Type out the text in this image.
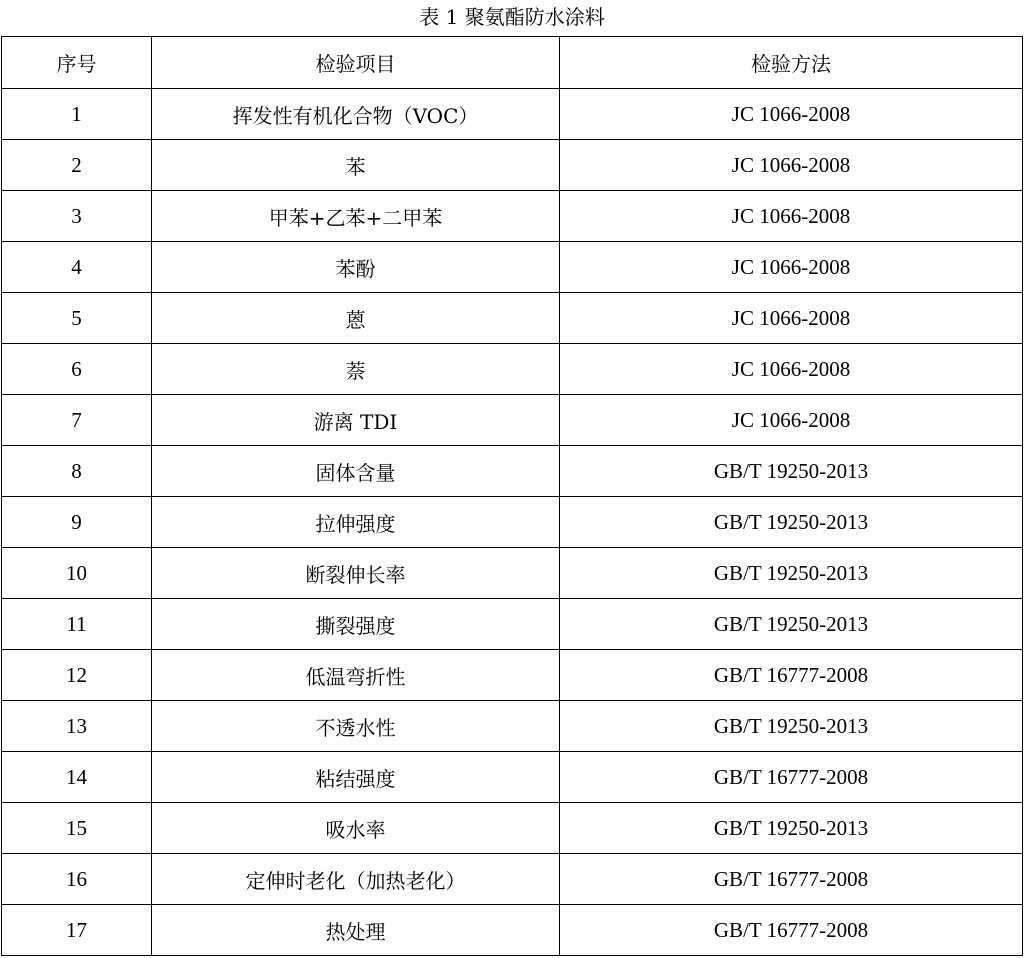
表 1 聚氨酯防水涂料
序号	检验项目	检验方法
1	挥发性有机化合物（VOC）	JC 1066-2008
2	苯	JC 1066-2008
3	甲苯+乙苯+二甲苯	JC 1066-2008
4	苯酚	JC 1066-2008
5	蒽	JC 1066-2008
6	萘	JC 1066-2008
7	游离 TDI	JC 1066-2008
8	固体含量	GB/T 19250-2013
9	拉伸强度	GB/T 19250-2013
10	断裂伸长率	GB/T 19250-2013
11	撕裂强度	GB/T 19250-2013
12	低温弯折性	GB/T 16777-2008
13	不透水性	GB/T 19250-2013
14	粘结强度	GB/T 16777-2008
15	吸水率	GB/T 19250-2013
16	定伸时老化（加热老化）	GB/T 16777-2008
17	热处理	GB/T 16777-2008
